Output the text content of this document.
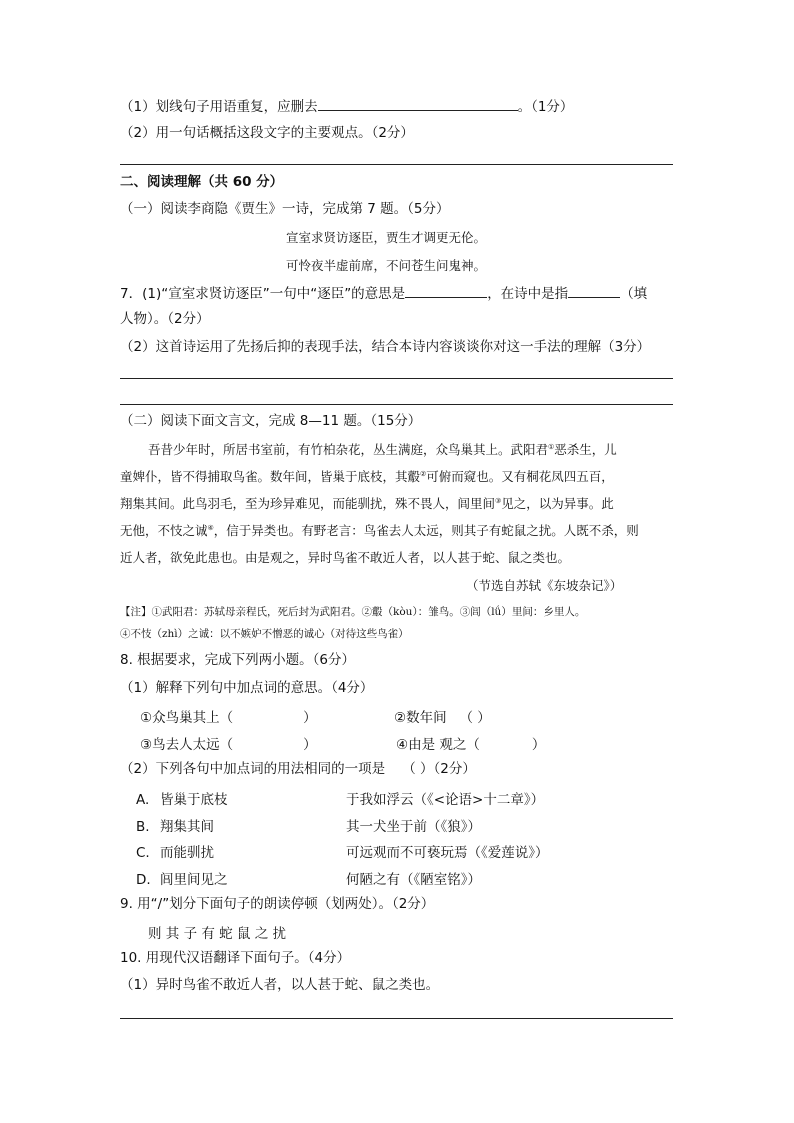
（1）划线句子用语重复，应删去	。（1分）
（2）用一句话概括这段文字的主要观点。（2分）
二、阅读理解（共 60 分）
（一）阅读李商隐《贾生》一诗，完成第 7 题。（5分）
宣室求贤访逐臣，贾生才调更无伦。
可怜夜半虚前席，不问苍生问鬼神。
7．(1)“宣室求贤访逐臣”一句中“逐臣”的意思是	，在诗中是指	（填
人物）。（2分）
（2）这首诗运用了先扬后抑的表现手法，结合本诗内容谈谈你对这一手法的理解（3分）
（二）阅读下面文言文，完成 8—11 题。（15分）
吾昔少年时，所居书室前，有竹柏杂花，丛生满庭，众鸟巢其上。武阳君①恶杀生，儿
童婢仆，皆不得捕取鸟雀。数年间，皆巢于底枝，其鷇②可俯而窥也。又有桐花凤四五百，
翔集其间。此鸟羽毛，至为珍异难见，而能驯扰，殊不畏人，闾里间③见之，以为异事。此
无他，不忮之诚④，信于异类也。有野老言：鸟雀去人太远，则其子有蛇鼠之扰。人既不杀，则
近人者，欲免此患也。由是观之，异时鸟雀不敢近人者，以人甚于蛇、鼠之类也。
（节选自苏轼《东坡杂记》）
【注】①武阳君：苏轼母亲程氏，死后封为武阳君。②鷇（kòu）：雏鸟。③闾（lǘ）里间：乡里人。
④不忮（zhì）之诚：以不嫉妒不憎恶的诚心（对待这些鸟雀）
8. 根据要求，完成下列两小题。（6分）
（1）解释下列句中加点词的意思。（4分）
①众鸟巢其上（	）	②数年间 （ ）
③鸟去人太远（	）	④由是 观之（	）
（2）下列各句中加点词的用法相同的一项是 （ ）（2分）
A. 皆巢于底枝	于我如浮云（《<论语>十二章》）
B. 翔集其间	其一犬坐于前（《狼》）
C. 而能驯扰	可远观而不可亵玩焉（《爱莲说》）
D. 闾里间见之	何陋之有（《陋室铭》）
9. 用“/”划分下面句子的朗读停顿（划两处）。（2分）
则 其 子 有 蛇 鼠 之 扰
10. 用现代汉语翻译下面句子。（4分）
（1）异时鸟雀不敢近人者，以人甚于蛇、鼠之类也。
